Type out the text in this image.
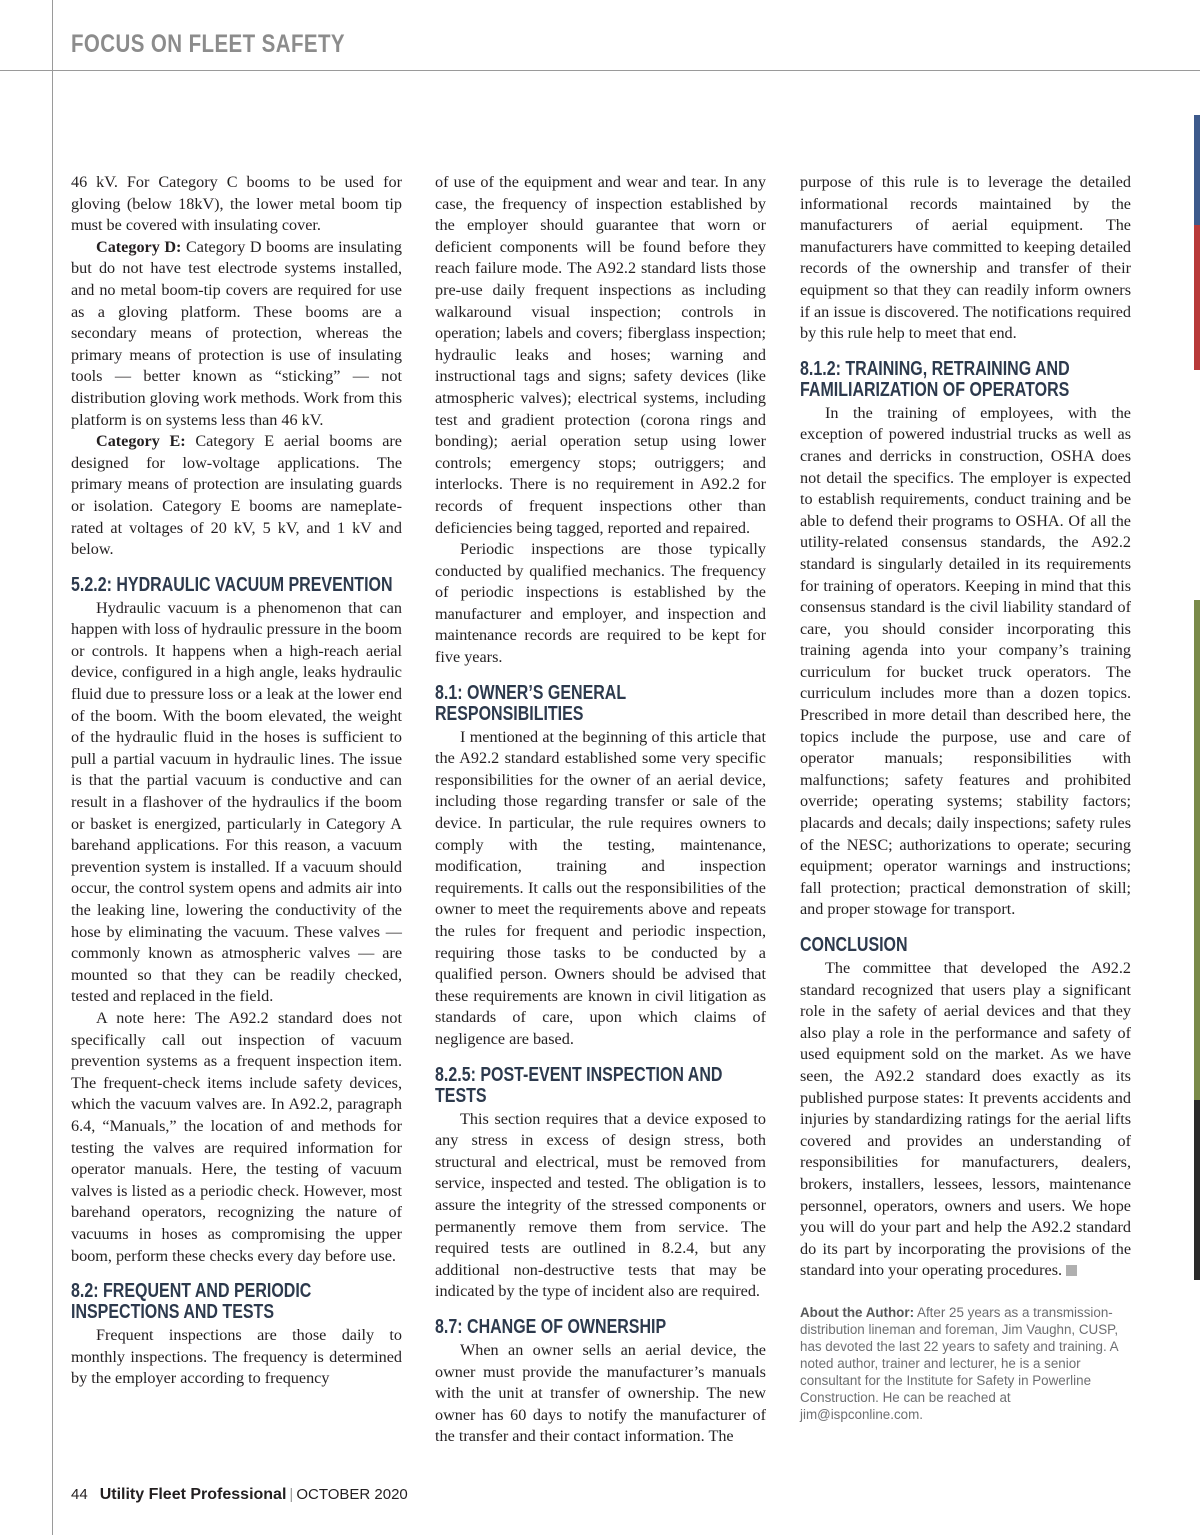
FOCUS ON FLEET SAFETY

46 kV. For Category C booms to be used for gloving (below 18kV), the lower metal boom tip must be covered with insulating cover.

Category D: Category D booms are insulating but do not have test electrode systems installed, and no metal boom-tip covers are required for use as a gloving platform. These booms are a secondary means of protection, whereas the primary means of protection is use of insulating tools — better known as “sticking” — not distribution gloving work methods. Work from this platform is on systems less than 46 kV.

Category E: Category E aerial booms are designed for low-voltage applications. The primary means of protection are insulating guards or isolation. Category E booms are nameplate-rated at voltages of 20 kV, 5 kV, and 1 kV and below.

5.2.2: HYDRAULIC VACUUM PREVENTION

Hydraulic vacuum is a phenomenon that can happen with loss of hydraulic pressure in the boom or controls. It happens when a high-reach aerial device, configured in a high angle, leaks hydraulic fluid due to pressure loss or a leak at the lower end of the boom. With the boom elevated, the weight of the hydraulic fluid in the hoses is sufficient to pull a partial vacuum in hydraulic lines. The issue is that the partial vacuum is conductive and can result in a flashover of the hydraulics if the boom or basket is energized, particularly in Category A barehand applications. For this reason, a vacuum prevention system is installed. If a vacuum should occur, the control system opens and admits air into the leaking line, lowering the conductivity of the hose by eliminating the vacuum. These valves — commonly known as atmospheric valves — are mounted so that they can be readily checked, tested and replaced in the field.

A note here: The A92.2 standard does not specifically call out inspection of vacuum prevention systems as a frequent inspection item. The frequent-check items include safety devices, which the vacuum valves are. In A92.2, paragraph 6.4, “Manuals,” the location of and methods for testing the valves are required information for operator manuals. Here, the testing of vacuum valves is listed as a periodic check. However, most barehand operators, recognizing the nature of vacuums in hoses as compromising the upper boom, perform these checks every day before use.

8.2: FREQUENT AND PERIODIC INSPECTIONS AND TESTS

Frequent inspections are those daily to monthly inspections. The frequency is determined by the employer according to frequency

of use of the equipment and wear and tear. In any case, the frequency of inspection established by the employer should guarantee that worn or deficient components will be found before they reach failure mode. The A92.2 standard lists those pre-use daily frequent inspections as including walkaround visual inspection; controls in operation; labels and covers; fiberglass inspection; hydraulic leaks and hoses; warning and instructional tags and signs; safety devices (like atmospheric valves); electrical systems, including test and gradient protection (corona rings and bonding); aerial operation setup using lower controls; emergency stops; outriggers; and interlocks. There is no requirement in A92.2 for records of frequent inspections other than deficiencies being tagged, reported and repaired.

Periodic inspections are those typically conducted by qualified mechanics. The frequency of periodic inspections is established by the manufacturer and employer, and inspection and maintenance records are required to be kept for five years.

8.1: OWNER’S GENERAL RESPONSIBILITIES

I mentioned at the beginning of this article that the A92.2 standard established some very specific responsibilities for the owner of an aerial device, including those regarding transfer or sale of the device. In particular, the rule requires owners to comply with the testing, maintenance, modification, training and inspection requirements. It calls out the responsibilities of the owner to meet the requirements above and repeats the rules for frequent and periodic inspection, requiring those tasks to be conducted by a qualified person. Owners should be advised that these requirements are known in civil litigation as standards of care, upon which claims of negligence are based.

8.2.5: POST-EVENT INSPECTION AND TESTS

This section requires that a device exposed to any stress in excess of design stress, both structural and electrical, must be removed from service, inspected and tested. The obligation is to assure the integrity of the stressed components or permanently remove them from service. The required tests are outlined in 8.2.4, but any additional non-destructive tests that may be indicated by the type of incident also are required.

8.7: CHANGE OF OWNERSHIP

When an owner sells an aerial device, the owner must provide the manufacturer’s manuals with the unit at transfer of ownership. The new owner has 60 days to notify the manufacturer of the transfer and their contact information. The

purpose of this rule is to leverage the detailed informational records maintained by the manufacturers of aerial equipment. The manufacturers have committed to keeping detailed records of the ownership and transfer of their equipment so that they can readily inform owners if an issue is discovered. The notifications required by this rule help to meet that end.

8.1.2: TRAINING, RETRAINING AND FAMILIARIZATION OF OPERATORS

In the training of employees, with the exception of powered industrial trucks as well as cranes and derricks in construction, OSHA does not detail the specifics. The employer is expected to establish requirements, conduct training and be able to defend their programs to OSHA. Of all the utility-related consensus standards, the A92.2 standard is singularly detailed in its requirements for training of operators. Keeping in mind that this consensus standard is the civil liability standard of care, you should consider incorporating this training agenda into your company’s training curriculum for bucket truck operators. The curriculum includes more than a dozen topics. Prescribed in more detail than described here, the topics include the purpose, use and care of operator manuals; responsibilities with malfunctions; safety features and prohibited override; operating systems; stability factors; placards and decals; daily inspections; safety rules of the NESC; authorizations to operate; securing equipment; operator warnings and instructions; fall protection; practical demonstration of skill; and proper stowage for transport.

CONCLUSION

The committee that developed the A92.2 standard recognized that users play a significant role in the safety of aerial devices and that they also play a role in the performance and safety of used equipment sold on the market. As we have seen, the A92.2 standard does exactly as its published purpose states: It prevents accidents and injuries by standardizing ratings for the aerial lifts covered and provides an understanding of responsibilities for manufacturers, dealers, brokers, installers, lessees, lessors, maintenance personnel, operators, owners and users. We hope you will do your part and help the A92.2 standard do its part by incorporating the provisions of the standard into your operating procedures.

About the Author: After 25 years as a transmission-distribution lineman and foreman, Jim Vaughn, CUSP, has devoted the last 22 years to safety and training. A noted author, trainer and lecturer, he is a senior consultant for the Institute for Safety in Powerline Construction. He can be reached at jim@ispconline.com.
44 Utility Fleet Professional | OCTOBER 2020
